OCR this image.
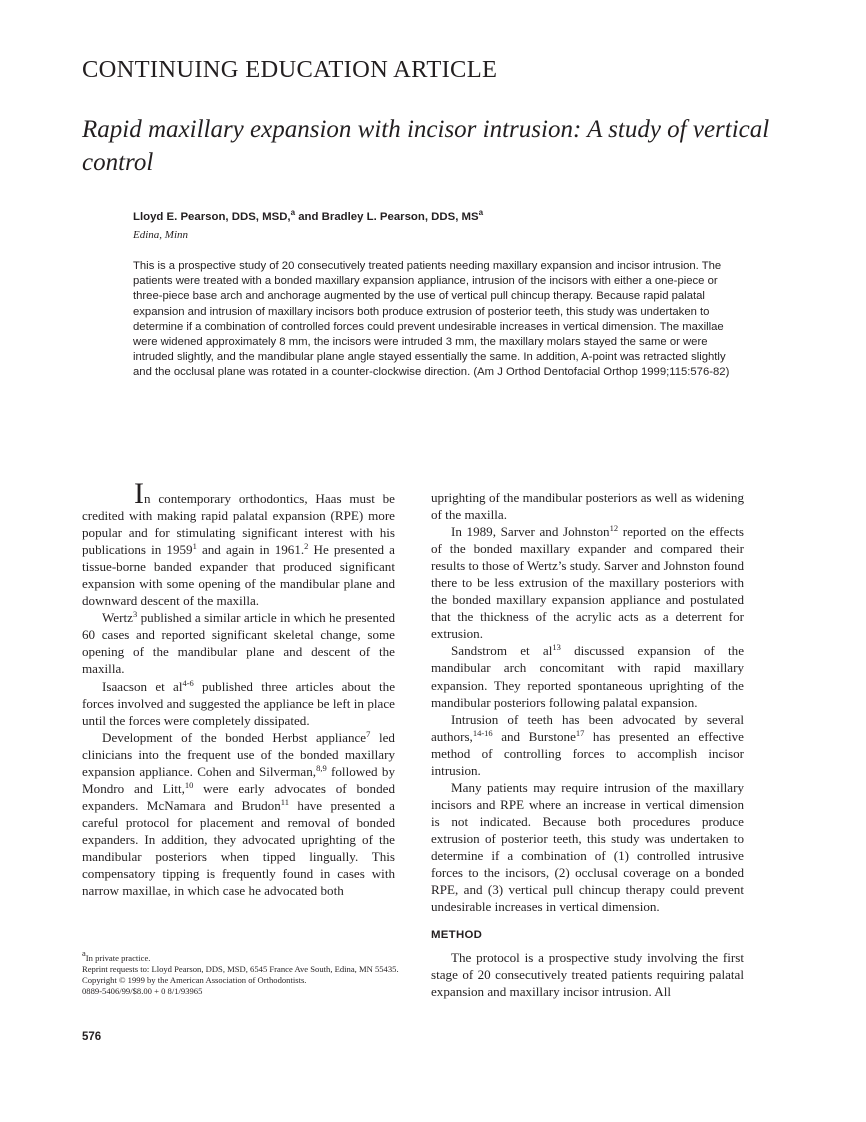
CONTINUING EDUCATION ARTICLE
Rapid maxillary expansion with incisor intrusion: A study of vertical control
Lloyd E. Pearson, DDS, MSD,$^a$ and Bradley L. Pearson, DDS, $MS^a$
Edina, Minn
This is a prospective study of 20 consecutively treated patients needing maxillary expansion and incisor intrusion. The patients were treated with a bonded maxillary expansion appliance, intrusion of the incisors with either a one-piece or three-piece base arch and anchorage augmented by the use of vertical pull chincup therapy. Because rapid palatal expansion and intrusion of maxillary incisors both produce extrusion of posterior teeth, this study was undertaken to determine if a combination of controlled forces could prevent undesirable increases in vertical dimension. The maxillae were widened approximately 8 mm, the incisors were intruded 3 mm, the maxillary molars stayed the same or were intruded slightly, and the mandibular plane angle stayed essentially the same. In addition, A-point was retracted slightly and the occlusal plane was rotated in a counter-clockwise direction. (Am J Orthod Dentofacial Orthop 1999;115:576-82)

In contemporary orthodontics, Haas must be credited with making rapid palatal expansion (RPE) more popular and for stimulating significant interest with his publications in 1959$^1$ and again in 1961.$^2$ He presented a tissue-borne banded expander that produced significant expansion with some opening of the mandibular plane and downward descent of the maxilla.

Wertz$^3$ published a similar article in which he presented 60 cases and reported significant skeletal change, some opening of the mandibular plane and descent of the maxilla.

Isaacson et $al^{4-6}$ published three articles about the forces involved and suggested the appliance be left in place until the forces were completely dissipated.

Development of the bonded Herbst appliance$^7$ led clinicians into the frequent use of the bonded maxillary expansion appliance. Cohen and Silverman,$^{8,9}$ followed by Mondro and Litt,$^{10}$ were early advocates of bonded expanders. McNamara and Brudon$^{11}$ have presented a careful protocol for placement and removal of bonded expanders. In addition, they advocated uprighting of the mandibular posteriors when tipped lingually. This compensatory tipping is frequently found in cases with narrow maxillae, in which case he advocated both

uprighting of the mandibular posteriors as well as widening of the maxilla.

In 1989, Sarver and Johnston$^{12}$ reported on the effects of the bonded maxillary expander and compared their results to those of Wertz’s study. Sarver and Johnston found there to be less extrusion of the maxillary posteriors with the bonded maxillary expansion appliance and postulated that the thickness of the acrylic acts as a deterrent for extrusion.

Sandstrom et $al^{13}$ discussed expansion of the mandibular arch concomitant with rapid maxillary expansion. They reported spontaneous uprighting of the mandibular posteriors following palatal expansion.

Intrusion of teeth has been advocated by several authors,$^{14-16}$ and Burstone$^{17}$ has presented an effective method of controlling forces to accomplish incisor intrusion.

Many patients may require intrusion of the maxillary incisors and RPE where an increase in vertical dimension is not indicated. Because both procedures produce extrusion of posterior teeth, this study was undertaken to determine if a combination of (1) controlled intrusive forces to the incisors, (2) occlusal coverage on a bonded RPE, and (3) vertical pull chincup therapy could prevent undesirable increases in vertical dimension.

METHOD

The protocol is a prospective study involving the first stage of 20 consecutively treated patients requiring palatal expansion and maxillary incisor intrusion. All

$^a$In private practice.
Reprint requests to: Lloyd Pearson, DDS, MSD, 6545 France Ave South, Edina, MN 55435.
Copyright © 1999 by the American Association of Orthodontists.
0889-5406/99/$8.00 + 0 8/1/93965
576
